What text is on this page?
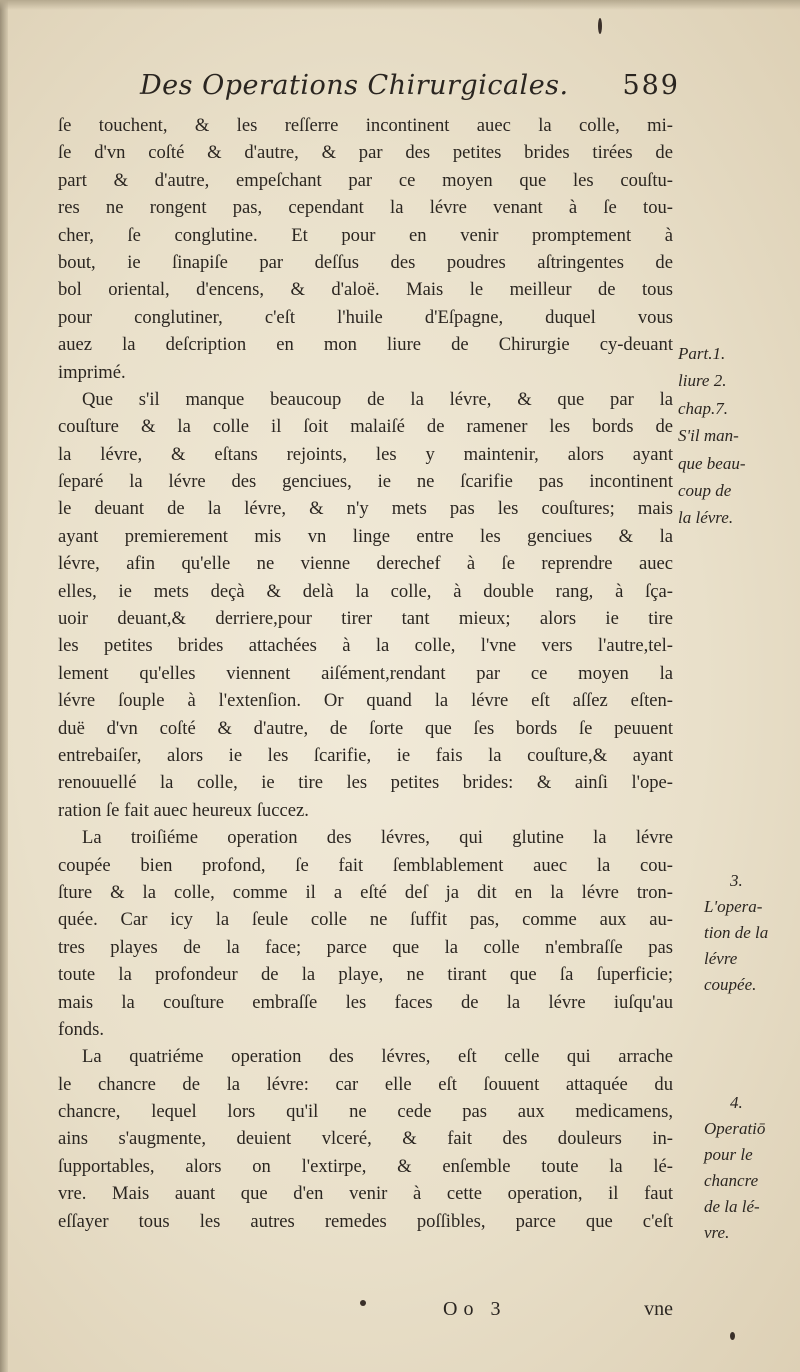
Des Operations Chirurgicales. 589
ſe touchent, & les reſſerre incontinent auec la colle, mi-
ſe d'vn coſté & d'autre, & par des petites brides tirées de
part & d'autre, empeſchant par ce moyen que les couſtu-
res ne rongent pas, cependant la lévre venant à ſe tou-
cher, ſe conglutine. Et pour en venir promptement à
bout, ie ſinapiſe par deſſus des poudres aſtringentes de
bol oriental, d'encens, & d'aloë. Mais le meilleur de tous
pour conglutiner, c'eſt l'huile d'Eſpagne, duquel vous
auez la deſcription en mon liure de Chirurgie cy-deuant
imprimé.
Que s'il manque beaucoup de la lévre, & que par la
couſture & la colle il ſoit malaiſé de ramener les bords de
la lévre, & eſtans rejoints, les y maintenir, alors ayant
ſeparé la lévre des genciues, ie ne ſcarifie pas incontinent
le deuant de la lévre, & n'y mets pas les couſtures; mais
ayant premierement mis vn linge entre les genciues & la
lévre, afin qu'elle ne vienne derechef à ſe reprendre auec
elles, ie mets deçà & delà la colle, à double rang, à ſça-
uoir deuant,& derriere,pour tirer tant mieux; alors ie tire
les petites brides attachées à la colle, l'vne vers l'autre,tel-
lement qu'elles viennent aiſément,rendant par ce moyen la
lévre ſouple à l'extenſion. Or quand la lévre eſt aſſez eſten-
duë d'vn coſté & d'autre, de ſorte que ſes bords ſe peuuent
entrebaiſer, alors ie les ſcarifie, ie fais la couſture,& ayant
renouuellé la colle, ie tire les petites brides: & ainſi l'ope-
ration ſe fait auec heureux ſuccez.
La troiſiéme operation des lévres, qui glutine la lévre
coupée bien profond, ſe fait ſemblablement auec la cou-
ſture & la colle, comme il a eſté deſ ja dit en la lévre tron-
quée. Car icy la ſeule colle ne ſuffit pas, comme aux au-
tres playes de la face; parce que la colle n'embraſſe pas
toute la profondeur de la playe, ne tirant que ſa ſuperficie;
mais la couſture embraſſe les faces de la lévre iuſqu'au
fonds.
La quatriéme operation des lévres, eſt celle qui arrache
le chancre de la lévre: car elle eſt ſouuent attaquée du
chancre, lequel lors qu'il ne cede pas aux medicamens,
ains s'augmente, deuient vlceré, & fait des douleurs in-
ſupportables, alors on l'extirpe, & enſemble toute la lé-
vre. Mais auant que d'en venir à cette operation, il faut
eſſayer tous les autres remedes poſſibles, parce que c'eſt
Part.1.
liure 2.
chap.7.
S'il man-
que beau-
coup de
la lévre.
3.
L'opera-
tion de la
lévre
coupée.
4.
Operatiō
pour le
chancre
de la lé-
vre.
Oo 3	vne
